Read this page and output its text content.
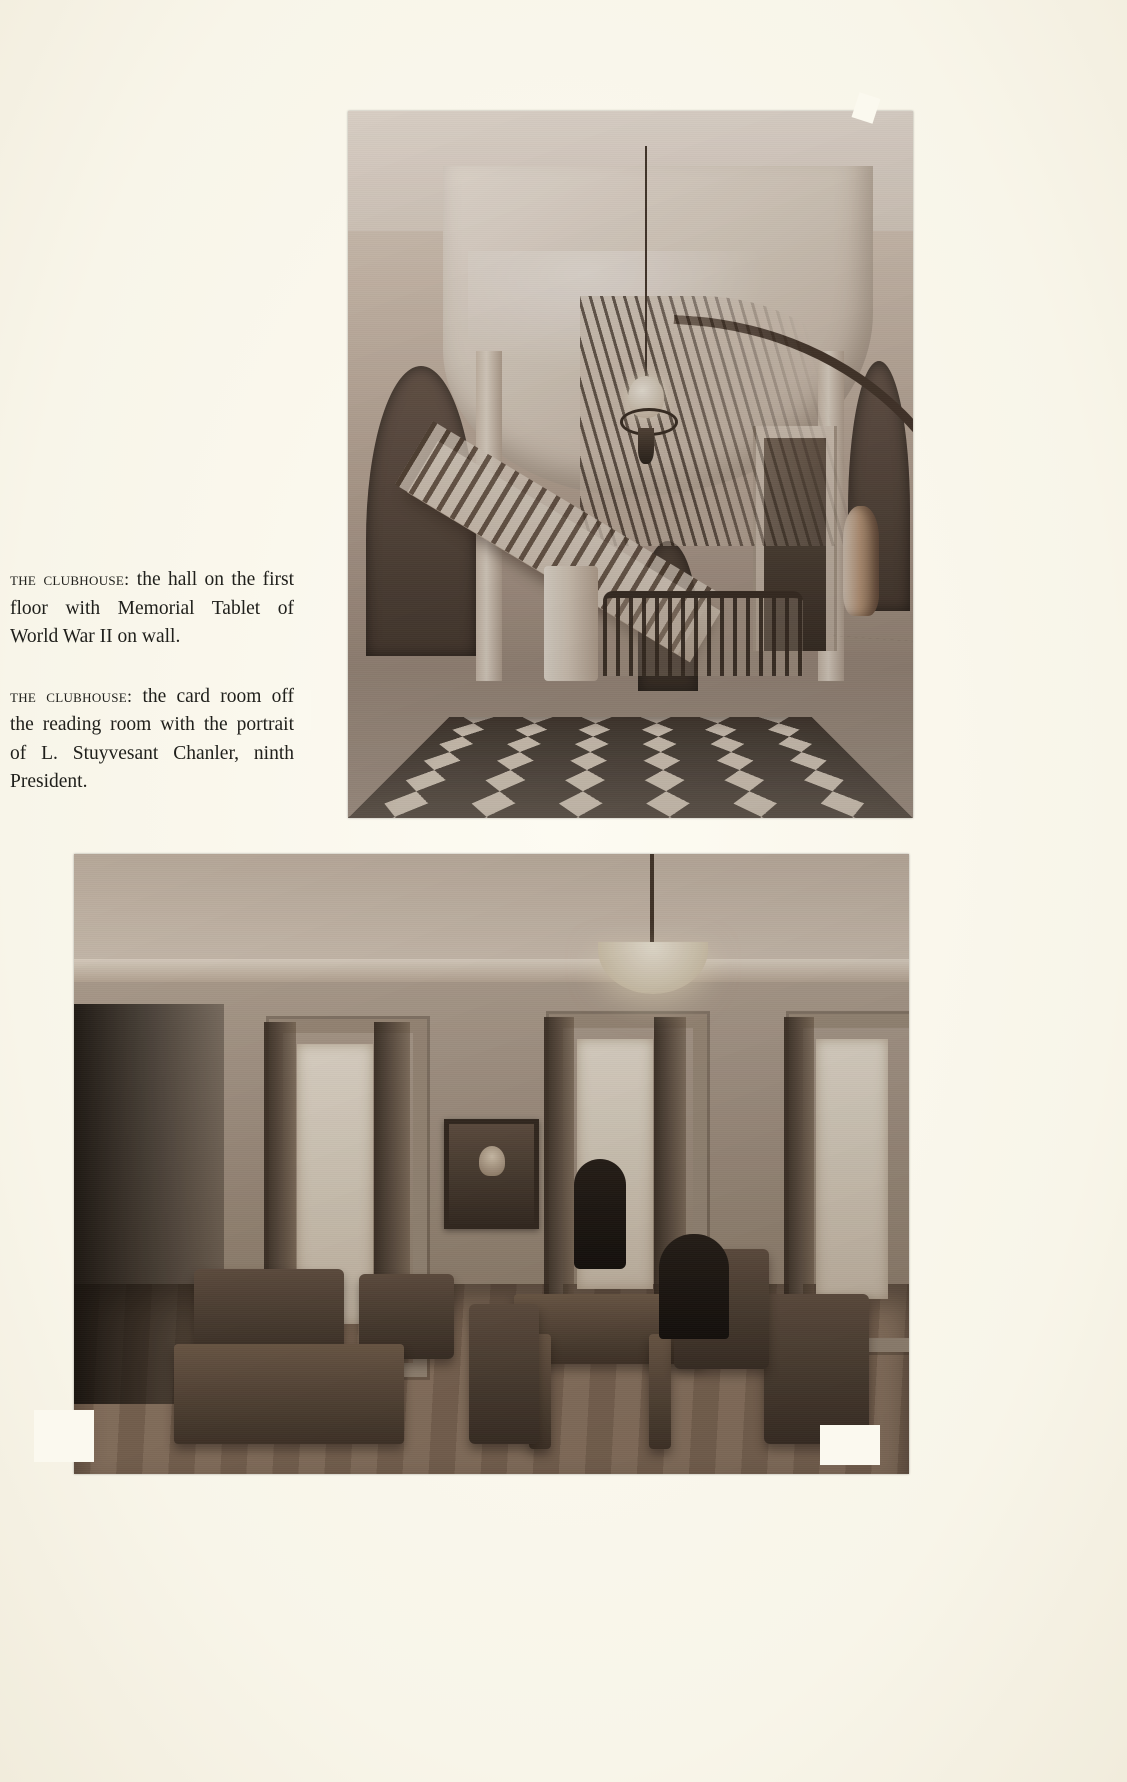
the clubhouse: the hall on the first floor with Memorial Tablet of World War II on wall.

the clubhouse: the card room off the reading room with the portrait of L. Stuyvesant Chanler, ninth President.
